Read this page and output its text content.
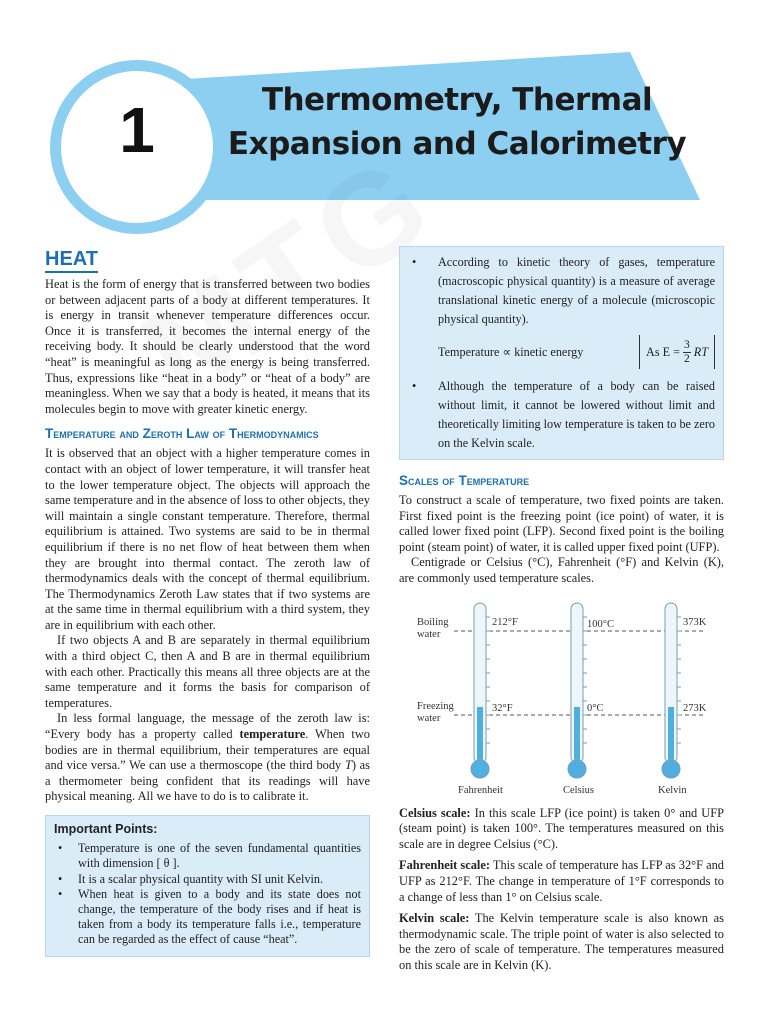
1	Thermometry, Thermal
Expansion and Calorimetry
HEAT

Heat is the form of energy that is transferred between two bodies or between adjacent parts of a body at different temperatures. It is energy in transit whenever temperature differences occur. Once it is transferred, it becomes the internal energy of the receiving body. It should be clearly understood that the word “heat” is meaningful as long as the energy is being transferred. Thus, expressions like “heat in a body” or “heat of a body” are meaningless. When we say that a body is heated, it means that its molecules begin to move with greater kinetic energy.

Temperature and Zeroth Law of Thermodynamics

It is observed that an object with a higher temperature comes in contact with an object of lower temperature, it will transfer heat to the lower temperature object. The objects will approach the same temperature and in the absence of loss to other objects, they will maintain a single constant temperature. Therefore, thermal equilibrium is attained. Two systems are said to be in thermal equilibrium if there is no net flow of heat between them when they are brought into thermal contact. The zeroth law of thermodynamics deals with the concept of thermal equilibrium. The Thermodynamics Zeroth Law states that if two systems are at the same time in thermal equilibrium with a third system, they are in equilibrium with each other.

If two objects A and B are separately in thermal equilibrium with a third object C, then A and B are in thermal equilibrium with each other. Practically this means all three objects are at the same temperature and it forms the basis for comparison of temperatures.

In less formal language, the message of the zeroth law is: “Every body has a property called temperature. When two bodies are in thermal equilibrium, their temperatures are equal and vice versa.” We can use a thermoscope (the third body T) as a thermometer being confident that its readings will have physical meaning. All we have to do is to calibrate it.

Important Points:
• Temperature is one of the seven fundamental quantities with dimension [ θ ].
• It is a scalar physical quantity with SI unit Kelvin.
• When heat is given to a body and its state does not change, the temperature of the body rises and if heat is taken from a body its temperature falls i.e., temperature can be regarded as the effect of cause “heat”.
• According to kinetic theory of gases, temperature (macroscopic physical quantity) is a measure of average translational kinetic energy of a molecule (microscopic physical quantity).
Temperature ∝ kinetic energy	As $E = \frac{3}{2}$ RT
• Although the temperature of a body can be raised without limit, it cannot be lowered without limit and theoretically limiting low temperature is taken to be zero on the Kelvin scale.
Scales of Temperature

To construct a scale of temperature, two fixed points are taken. First fixed point is the freezing point (ice point) of water, it is called lower fixed point (LFP). Second fixed point is the boiling point (steam point) of water, it is called upper fixed point (UFP).

Centigrade or Celsius (°C), Fahrenheit (°F) and Kelvin (K), are commonly used temperature scales.

Boiling
water
Freezing
water
212°F	100°C	373K
32°F	0°C	273K
Fahrenheit	Celsius	Kelvin

Celsius scale: In this scale LFP (ice point) is taken 0° and UFP (steam point) is taken 100°. The temperatures measured on this scale are in degree Celsius (°C).

Fahrenheit scale: This scale of temperature has LFP as 32°F and UFP as 212°F. The change in temperature of 1°F corresponds to a change of less than 1° on Celsius scale.

Kelvin scale: The Kelvin temperature scale is also known as thermodynamic scale. The triple point of water is also selected to be the zero of scale of temperature. The temperatures measured on this scale are in Kelvin (K).
